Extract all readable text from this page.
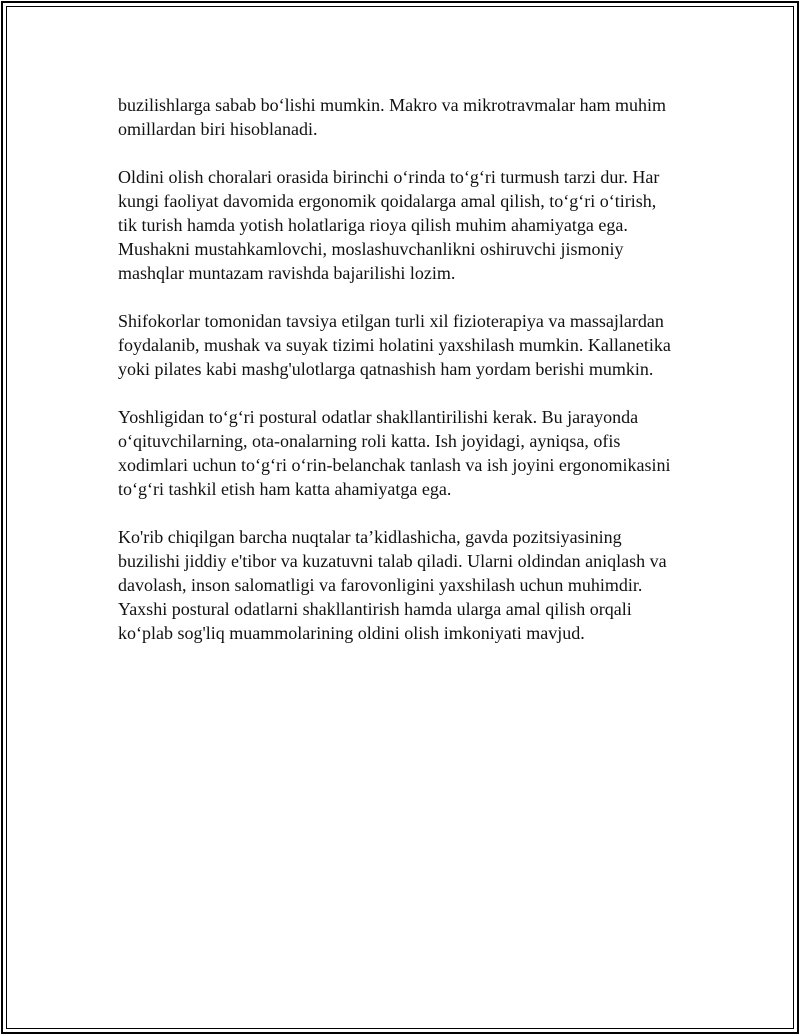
buzilishlarga sabab bo‘lishi mumkin. Makro va mikrotravmalar ham muhim
omillardan biri hisoblanadi.

Oldini olish choralari orasida birinchi o‘rinda to‘g‘ri turmush tarzi dur. Har
kungi faoliyat davomida ergonomik qoidalarga amal qilish, to‘g‘ri o‘tirish,
tik turish hamda yotish holatlariga rioya qilish muhim ahamiyatga ega.
Mushakni mustahkamlovchi, moslashuvchanlikni oshiruvchi jismoniy
mashqlar muntazam ravishda bajarilishi lozim.

Shifokorlar tomonidan tavsiya etilgan turli xil fizioterapiya va massajlardan
foydalanib, mushak va suyak tizimi holatini yaxshilash mumkin. Kallanetika
yoki pilates kabi mashg'ulotlarga qatnashish ham yordam berishi mumkin.

Yoshligidan to‘g‘ri postural odatlar shakllantirilishi kerak. Bu jarayonda
o‘qituvchilarning, ota-onalarning roli katta. Ish joyidagi, ayniqsa, ofis
xodimlari uchun to‘g‘ri o‘rin-belanchak tanlash va ish joyini ergonomikasini
to‘g‘ri tashkil etish ham katta ahamiyatga ega.

Ko'rib chiqilgan barcha nuqtalar ta’kidlashicha, gavda pozitsiyasining
buzilishi jiddiy e'tibor va kuzatuvni talab qiladi. Ularni oldindan aniqlash va
davolash, inson salomatligi va farovonligini yaxshilash uchun muhimdir.
Yaxshi postural odatlarni shakllantirish hamda ularga amal qilish orqali
ko‘plab sog'liq muammolarining oldini olish imkoniyati mavjud.
